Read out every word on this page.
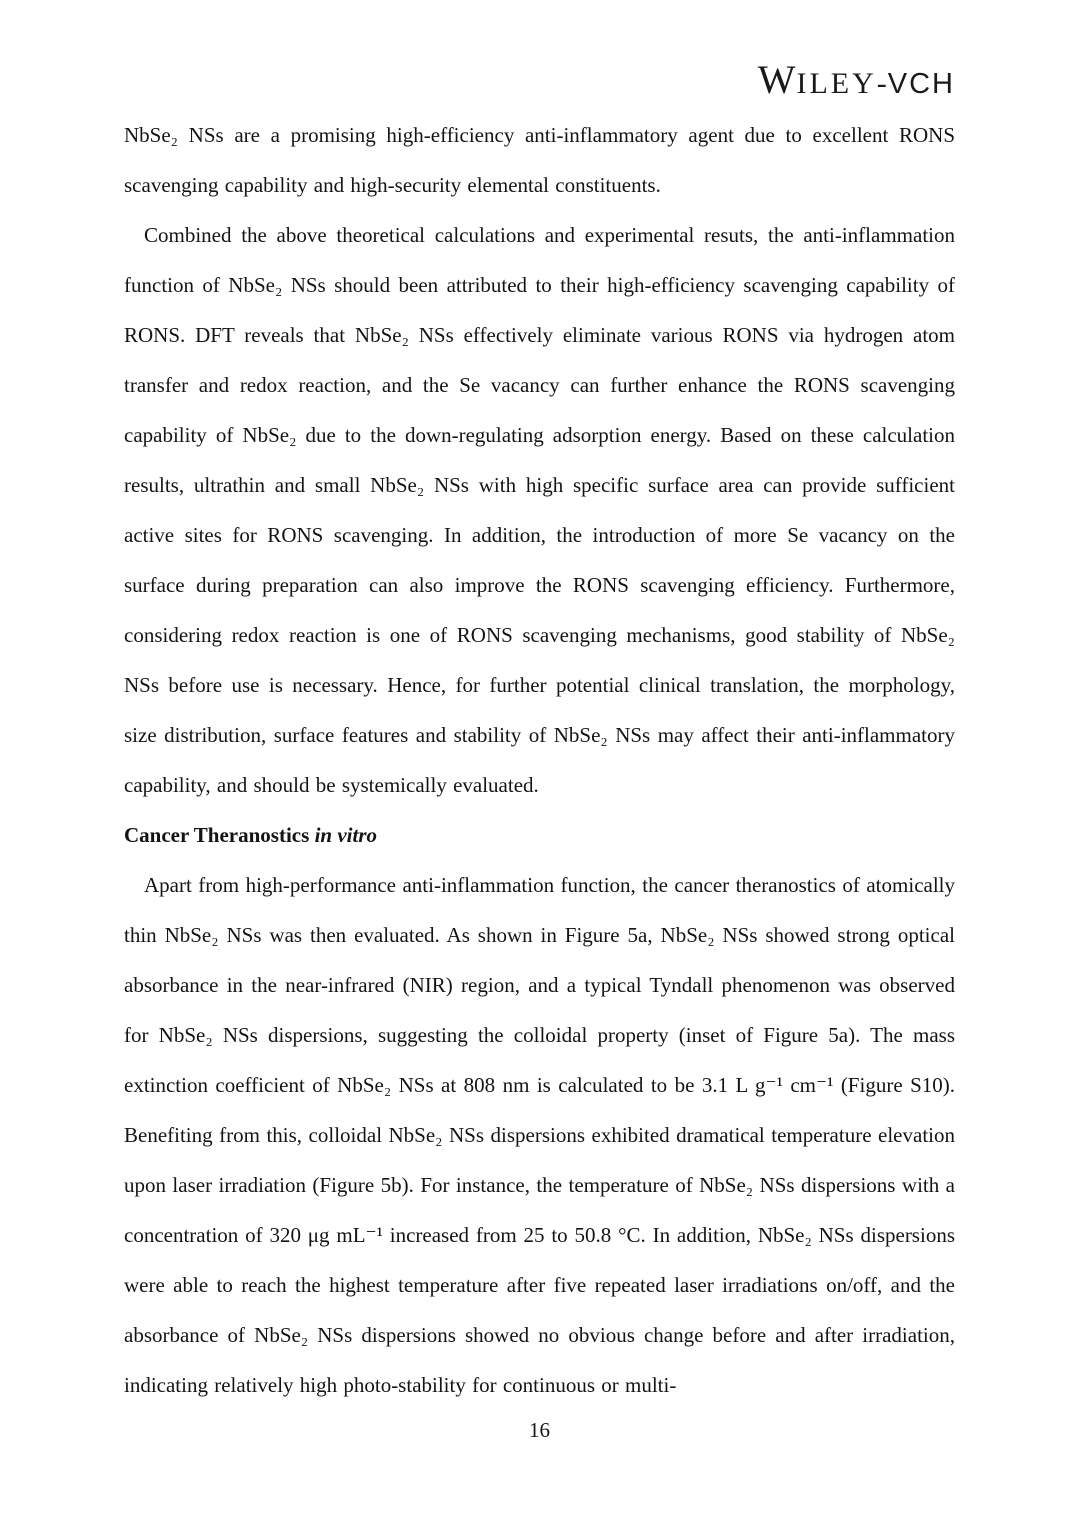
WILEY-VCH

NbSe₂ NSs are a promising high-efficiency anti-inflammatory agent due to excellent RONS scavenging capability and high-security elemental constituents.

Combined the above theoretical calculations and experimental resuts, the anti-inflammation function of NbSe₂ NSs should been attributed to their high-efficiency scavenging capability of RONS. DFT reveals that NbSe₂ NSs effectively eliminate various RONS via hydrogen atom transfer and redox reaction, and the Se vacancy can further enhance the RONS scavenging capability of NbSe₂ due to the down-regulating adsorption energy. Based on these calculation results, ultrathin and small NbSe₂ NSs with high specific surface area can provide sufficient active sites for RONS scavenging. In addition, the introduction of more Se vacancy on the surface during preparation can also improve the RONS scavenging efficiency. Furthermore, considering redox reaction is one of RONS scavenging mechanisms, good stability of NbSe₂ NSs before use is necessary. Hence, for further potential clinical translation, the morphology, size distribution, surface features and stability of NbSe₂ NSs may affect their anti-inflammatory capability, and should be systemically evaluated.

Cancer Theranostics in vitro

Apart from high-performance anti-inflammation function, the cancer theranostics of atomically thin NbSe₂ NSs was then evaluated. As shown in Figure 5a, NbSe₂ NSs showed strong optical absorbance in the near-infrared (NIR) region, and a typical Tyndall phenomenon was observed for NbSe₂ NSs dispersions, suggesting the colloidal property (inset of Figure 5a). The mass extinction coefficient of NbSe₂ NSs at 808 nm is calculated to be 3.1 L g⁻¹ cm⁻¹ (Figure S10). Benefiting from this, colloidal NbSe₂ NSs dispersions exhibited dramatical temperature elevation upon laser irradiation (Figure 5b). For instance, the temperature of NbSe₂ NSs dispersions with a concentration of 320 μg mL⁻¹ increased from 25 to 50.8 °C. In addition, NbSe₂ NSs dispersions were able to reach the highest temperature after five repeated laser irradiations on/off, and the absorbance of NbSe₂ NSs dispersions showed no obvious change before and after irradiation, indicating relatively high photo-stability for continuous or multi-

16
